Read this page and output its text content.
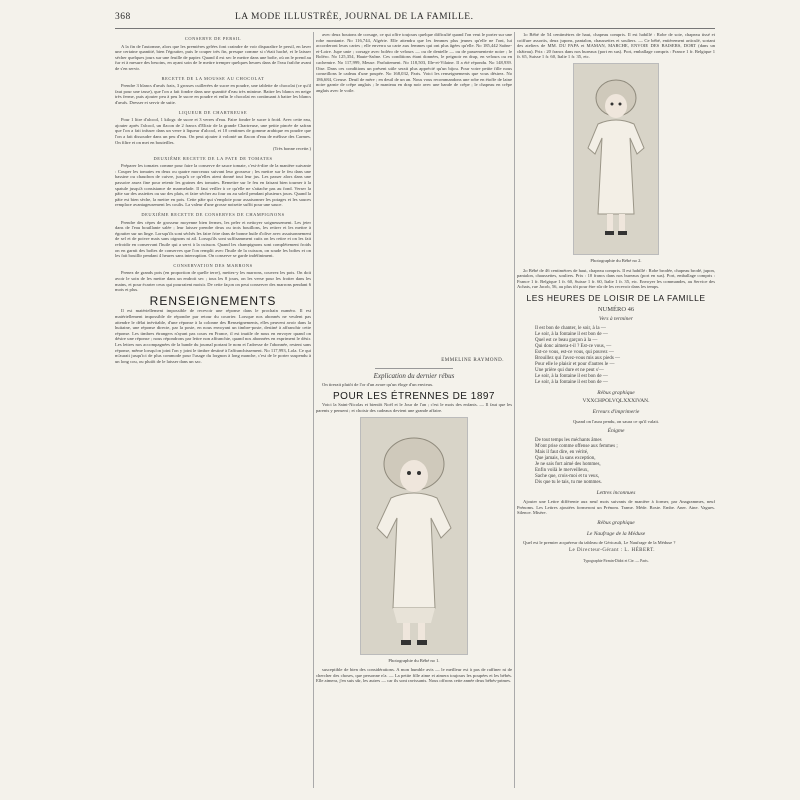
368	LA MODE ILLUSTRÉE, JOURNAL DE LA FAMILLE.
CONSERVE DE PERSIL
A la fin de l'automne, alors que les premières gelées font craindre de voir disparaître le persil, en laver une certaine quantité, bien l'égoutter, puis le couper très fin, presque comme si c'était haché, et le laisser sécher quelques jours sur une feuille de papier. Quand il est sec le mettre dans une boîte, où on le prend au fur et à mesure des besoins, en ayant soin de le mettre tremper quelques heures dans de l'eau fraîche avant de s'en servir.
RECETTE DE LA MOUSSE AU CHOCOLAT
Prendre 3 blancs d'œufs frais, 3 grosses cuillerées de sucre en poudre, une tablette de chocolat (ce qu'il faut pour une tasse), que l'on a fait fondre dans une quantité d'eau très minime. Battre les blancs en neige très ferme, puis ajouter peu à peu le sucre en poudre et enfin le chocolat en continuant à battre les blancs d'œufs. Dresser et servir de suite.
LIQUEUR DE CHARTREUSE
Pour 1 litre d'alcool, 1 kilogr. de sucre et 3 verres d'eau. Faire fondre le sucre à froid. Avec cette eau, ajouter après l'alcool, un flacon de 2 francs d'Elixir de la grande Chartreuse, une petite pincée de safran que l'on a fait infuser dans un verre à liqueur d'alcool, et 10 centimes de gomme arabique en poudre que l'on a fait dissoudre dans un peu d'eau. On peut ajouter à volonté un flacon d'eau de mélisse des Carmes. On filtre et on met en bouteilles.
(Très bonne recette.)
DEUXIÈME RECETTE DE LA PATE DE TOMATES
Préparer les tomates comme pour faire la conserve de sauce tomate, c'est-à-dire de la manière suivante : Couper les tomates en deux ou quatre morceaux suivant leur grosseur ; les mettre sur le feu dans une bassine ou chaudron de cuivre, jusqu'à ce qu'elles aient donné tout leur jus. Les passer alors dans une passoire assez fine pour retenir les graines des tomates. Remettre sur le feu en faisant bien tourner à la spatule jusqu'à consistance de marmelade. Il faut veiller à ce qu'elle ne s'attache pas au fond. Verser la pâte sur des assiettes ou sur des plats, et faire sécher au four ou au soleil pendant plusieurs jours. Quand la pâte est bien sèche, la mettre en pots. Cette pâte qui s'emploie pour assaisonner les potages et les sauces remplace avantageusement les coulis. La valeur d'une grosse noisette suffit pour une sauce.
DEUXIÈME RECETTE DE CONSERVES DE CHAMPIGNONS
Prendre des cèpes de grosseur moyenne bien fermes, les peler et nettoyer soigneusement. Les jeter dans de l'eau bouillante salée ; leur laisser prendre deux ou trois bouillons, les retirer et les mettre à égoutter sur un linge. Lorsqu'ils sont séchés les faire frire dans de bonne huile d'olive avec assaisonnement de sel et de poivre mais sans oignons ni ail. Lorsqu'ils sont suffisamment cuits on les retire et on les fait refroidir en conservant l'huile qui a servi à la cuisson. Quand les champignons sont complètement froids on en garnit des boîtes de conserves que l'on remplit avec l'huile de la cuisson, on soude les boîtes et on les fait bouillir pendant 4 heures sans interruption. On conserve se garde indéfiniment.
CONSERVATION DES MARRONS
Prenez de grands pots (en proportion de quelle terre), mettez-y les marrons, couvrez les pots. On doit avoir le soin de les mettre dans un endroit sec ; tous les 8 jours, on les verse pour les frotter dans les mains, et pour écarter ceux qui pourraient moisir. De cette façon on peut conserver des marrons pendant 6 mois et plus.
RENSEIGNEMENTS
Il est matériellement impossible de recevoir une réponse dans le prochain numéro. Il est matériellement impossible de répondre par retour du courrier. Lorsque nos abonnés ne veulent pas attendre le délai inévitable, d'une réponse à la colonne des Renseignements, elles peuvent avoir dans la huitaine, une réponse directe, par la poste, en nous envoyant un timbre-poste, destiné à affranchir cette réponse. Les timbres étrangers n'ayant pas cours en France, il est inutile de nous en envoyer quand on désire une réponse ; nous répondrons par lettre non affranchie, quand nos abonnées en expriment le désir. Les lettres nos accompagnées de la bande du journal portant le nom et l'adresse de l'abonnée, restent sans réponse, même lorsqu'on joint l'on y joint le timbre destiné à l'affranchissement. No 117,993, Lola. Ce qui m'aurait jusqu'ici de plus commode pour l'usage du lorgnon à long manche, c'est de le porter suspendu à un long cou, ou plutôt de le laisser dans un sac.
avec deux boutons de corsage, ce qui offre toujours quelque difficulté quand l'on veut le porter sur une robe montante. No 116,744, Algérie. Elle attendra que les femmes plus jeunes qu'elle ne l'ont, lui accorderont leurs cartes ; elle enverra sa carte aux femmes qui ont plus âgées qu'elle. No 185,442 Saône-et-Loire. Jupe unie ; corsage avec boléro de velours — ou de dentelle — ou de passementerie noire ; le Boléro. No 125,354, Haute-Saône. Ces conditions étant données, le peignoir en drap, en velours ou en cachemire. No 117,999, Meuse. Parfaitement. No 118,503, Ille-et-Vilaine. Il a été répondu. No 148,939. Oise. Dans ces conditions un présent utile serait plus apprécié qu'un bijou. Pour votre petite fille nous conseillons le cadeau d'une poupée. No 168,032, Paris. Voici les renseignements que vous désirez. No 186,684, Creuse. Deuil de mère ; en deuil de un an. Nous vous recommandons une robe en étoffe de laine noire garnie de crêpe anglais ; le manteau en drap noir avec une bande de crêpe ; le chapeau en crêpe anglais avec le voile.
EMMELINE RAYMOND.
Explication du dernier rébus
On tirerait plutôt de l'or d'un avare qu'un éloge d'un envieux.
POUR LES ÉTRENNES DE 1897
Voici la Saint-Nicolas et bientôt Noël et le Jour de l'an ; c'est le mois des enfants. — Il faut que les parents y pensent ; et choisir des cadeaux devient une grande affaire.
Photographie du Bébé no 1.
susceptible de bien des considérations. A mon humble avis — le meilleur est à pas de raffiner ni de chercher des choses, que personne n'a. — La petite fille aime et aimera toujours les poupées et les bébés. Elle aimera, j'en suis sûr, les autres — car ils sont ravissants. Nous offrons cette année deux bébés-primes.
1o Bébé de 54 centimètres de haut, chapeau compris. Il est habillé : Robe de soie, chapeau tissé et coiffure assortis, deux jupons, pantalon, chaussettes et souliers. — Ce bébé, entièrement articulé, sortant des ateliers de MM. DU PAPA et MAMAN, MARCHE, ENVOIE DES BAISERS, DORT (dans un château). Prix : 20 francs dans nos bureaux (port en sus). Port, emballage compris : France 1 fr. Belgique 1 fr. 65, Suisse 1 fr. 60, Italie 1 fr. 35, etc.
Photographie du Bébé no 2.
2o Bébé de 46 centimètres de haut, chapeau compris. Il est habillé : Robe brodée, chapeau brodé, jupon, pantalon, chaussettes, souliers. Prix : 10 francs dans nos bureaux (port en sus). Port, emballage compris : France 1 fr. Belgique 1 fr. 60, Suisse 1 fr. 60, Italie 1 fr. 35, etc. Envoyer les commandes, au Service des Achats, rue Jacob, 56, au plus tôt pour être sûr de les recevoir dans les temps.
LES HEURES DE LOISIR DE LA FAMILLE
NUMÉRO 46
Vers à terminer
Il est bon de chanter, le soir, à la —
Le soir, à la fontaine il est bon de —
Quel est ce beau garçon à la —
Qui donc aimera-t-il ? Est-ce vous, —
Est-ce vous, est-ce vous, qui pouvez —
Brouillez qui l'avez-vous mis aux pieds —
Pour elle le plaisir et pour d'autres le —
Une prière qui dure et ne peut s'—
Le soir, à la fontaine il est bon de —
Le soir, à la fontaine il est bon de —
Rébus graphique
VXXCHPOLVQLXXXIVAN.
Erreurs d'imprimerie
Quand on l'aura pendu, on saura ce qu'il valait.
Énigme
De tout temps les méchants âmes
M'ont prise comme offense aux femmes ;
Mais il faut dire, en vérité,
Que jamais, la sans exception,
Je ne sais fort aimé des hommes,
Enfin voilà le merveilleux,
Sache que, crois-moi et tu veux,
Dis que tu le tais, tu me nommes.
Lettres inconnues
Ajouter une Lettre différente aux neuf mots suivants de manière à former, par Anagrammes, neuf Prénoms. Les Lettres ajoutées formeront un Prénom. Trame. Méde. Boste. Embe. Aner. Aine. Vagues. Silence. Misère.
Rébus graphique
Le Naufrage de la Méduse
Quel est le premier acquéreur du tableau de Géricault, Le Naufrage de la Méduse ?
Le Directeur-Gérant : L. HÉBERT.
Typographie Firmin-Didot et Cie. — Paris.
